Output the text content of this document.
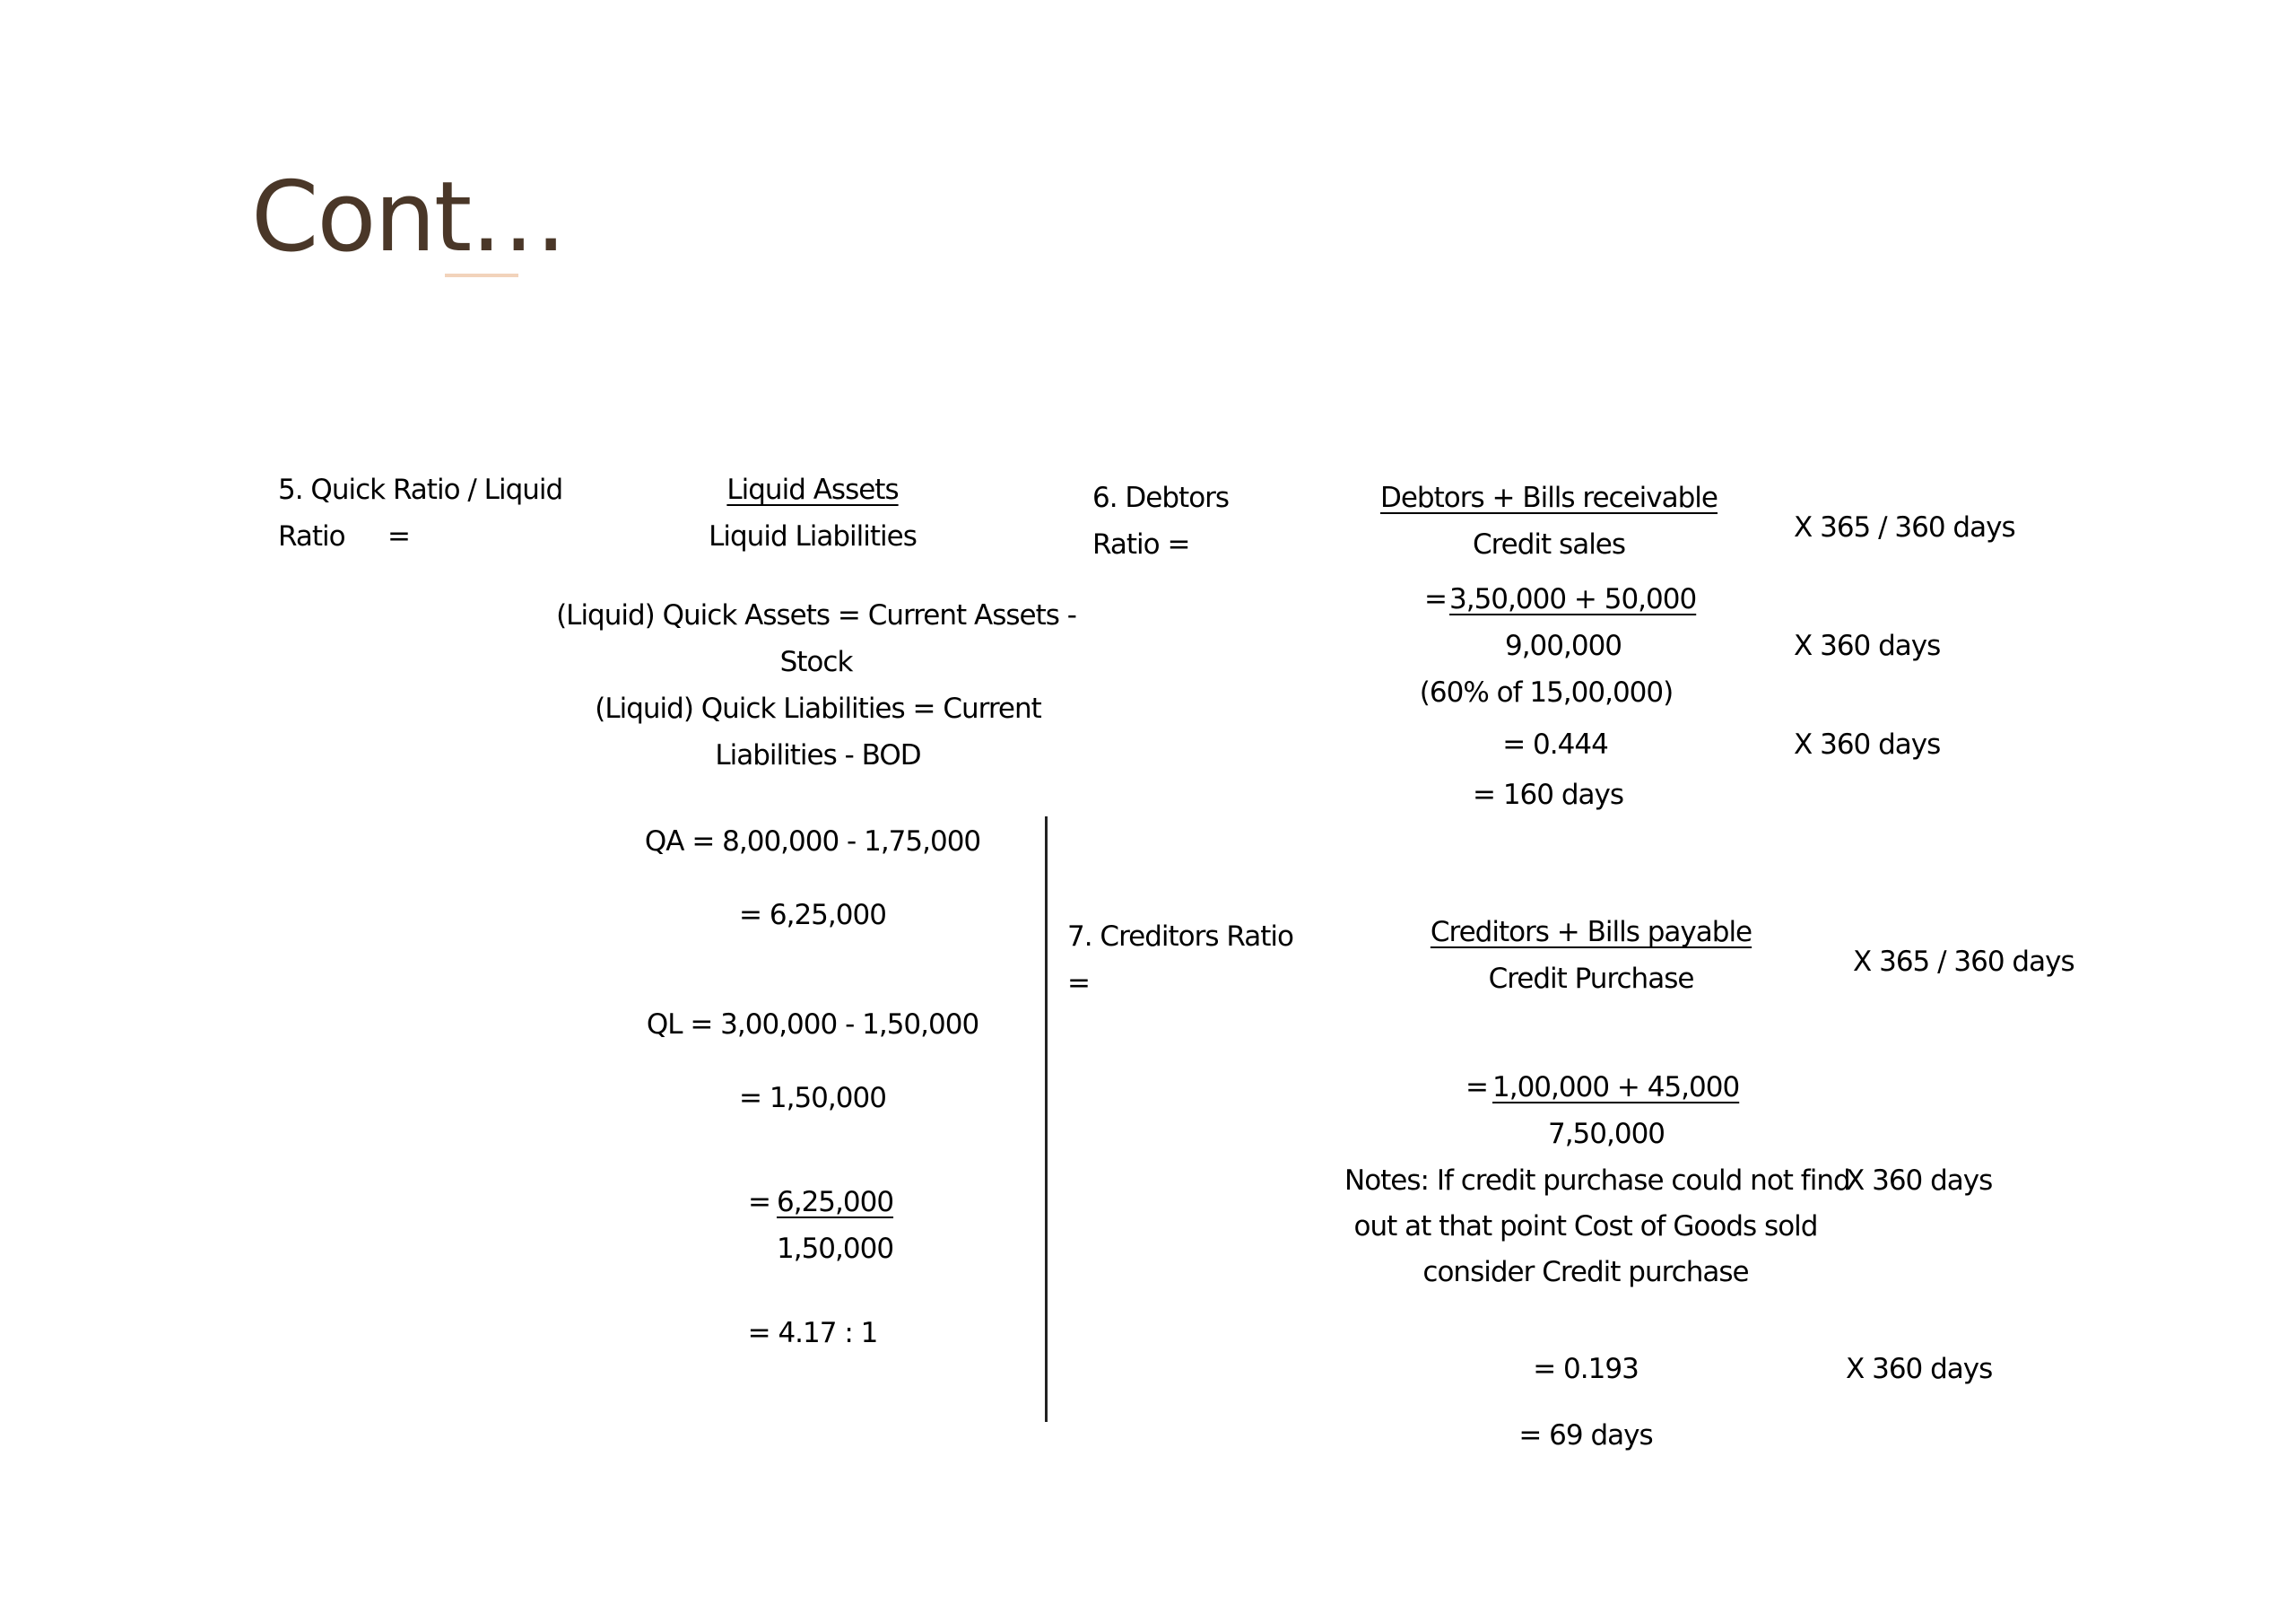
Cont…
5. Quick Ratio / Liquid
Ratio =
Liquid Assets
Liquid Liabilities
(Liquid) Quick Assets = Current Assets -
Stock
(Liquid) Quick Liabilities = Current
Liabilities - BOD
QA = 8,00,000 - 1,75,000
= 6,25,000
QL = 3,00,000 - 1,50,000
= 1,50,000
= 6,25,000
1,50,000
= 4.17 : 1
6. Debtors
Ratio =
Debtors + Bills receivable
Credit sales
X 365 / 360 days
= 3,50,000 + 50,000
9,00,000	X 360 days
(60% of 15,00,000)
= 0.444	X 360 days
= 160 days
7. Creditors Ratio
=
Creditors + Bills payable
Credit Purchase
X 365 / 360 days
= 1,00,000 + 45,000
7,50,000
Notes: If credit purchase could not find
X 360 days
out at that point Cost of Goods sold
consider Credit purchase
= 0.193	X 360 days
= 69 days
